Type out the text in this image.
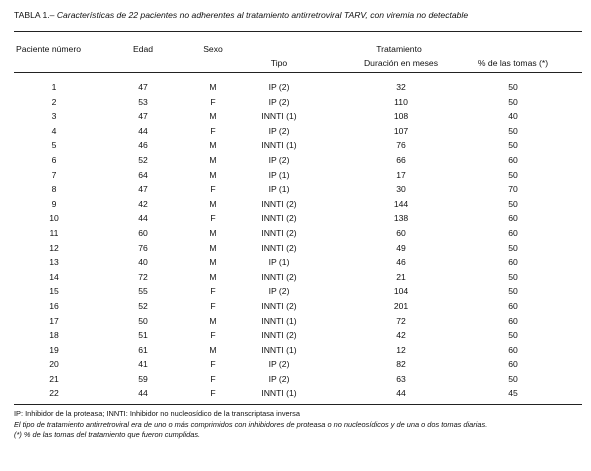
TABLA 1.– Características de 22 pacientes no adherentes al tratamiento antirretroviral TARV, con viremia no detectable
Paciente número	Edad	Sexo	Tratamiento
Tipo	Duración en meses	% de las tomas (*)
1	47	M	IP (2)	32	50
2	53	F	IP (2)	110	50
3	47	M	INNTI (1)	108	40
4	44	F	IP (2)	107	50
5	46	M	INNTI (1)	76	50
6	52	M	IP (2)	66	60
7	64	M	IP (1)	17	50
8	47	F	IP (1)	30	70
9	42	M	INNTI (2)	144	50
10	44	F	INNTI (2)	138	60
11	60	M	INNTI (2)	60	60
12	76	M	INNTI (2)	49	50
13	40	M	IP (1)	46	60
14	72	M	INNTI (2)	21	50
15	55	F	IP (2)	104	50
16	52	F	INNTI (2)	201	60
17	50	M	INNTI (1)	72	60
18	51	F	INNTI (2)	42	50
19	61	M	INNTI (1)	12	60
20	41	F	IP (2)	82	60
21	59	F	IP (2)	63	50
22	44	F	INNTI (1)	44	45
IP: Inhibidor de la proteasa; INNTI: Inhibidor no nucleosídico de la transcriptasa inversa
El tipo de tratamiento antirretroviral era de uno o más comprimidos con inhibidores de proteasa o no nucleosídicos y de una o dos tomas diarias.
(*) % de las tomas del tratamiento que fueron cumplidas.
